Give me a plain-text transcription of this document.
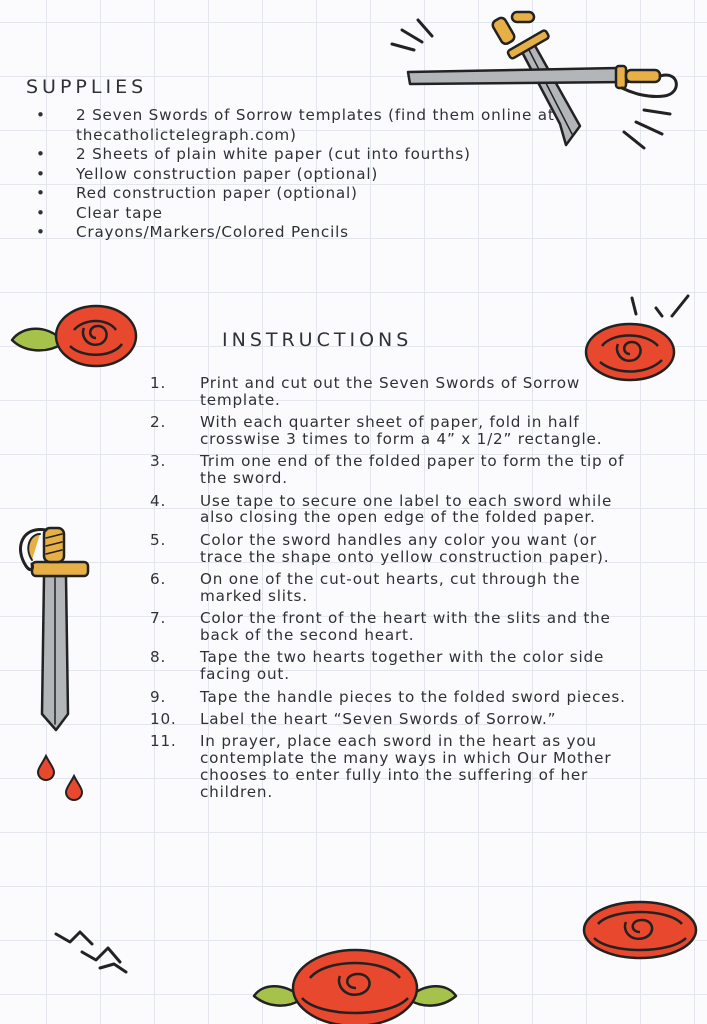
SUPPLIES
• 2 Seven Swords of Sorrow templates (find them online at thecatholictelegraph.com)
• 2 Sheets of plain white paper (cut into fourths)
• Yellow construction paper (optional)
• Red construction paper (optional)
• Clear tape
• Crayons/Markers/Colored Pencils
INSTRUCTIONS
1. Print and cut out the Seven Swords of Sorrow template.
2. With each quarter sheet of paper, fold in half crosswise 3 times to form a 4” x 1/2” rectangle.
3. Trim one end of the folded paper to form the tip of the sword.
4. Use tape to secure one label to each sword while also closing the open edge of the folded paper.
5. Color the sword handles any color you want (or trace the shape onto yellow construction paper).
6. On one of the cut-out hearts, cut through the marked slits.
7. Color the front of the heart with the slits and the back of the second heart.
8. Tape the two hearts together with the color side facing out.
9. Tape the handle pieces to the folded sword pieces.
10. Label the heart “Seven Swords of Sorrow.”
11. In prayer, place each sword in the heart as you contemplate the many ways in which Our Mother chooses to enter fully into the suffering of her children.
